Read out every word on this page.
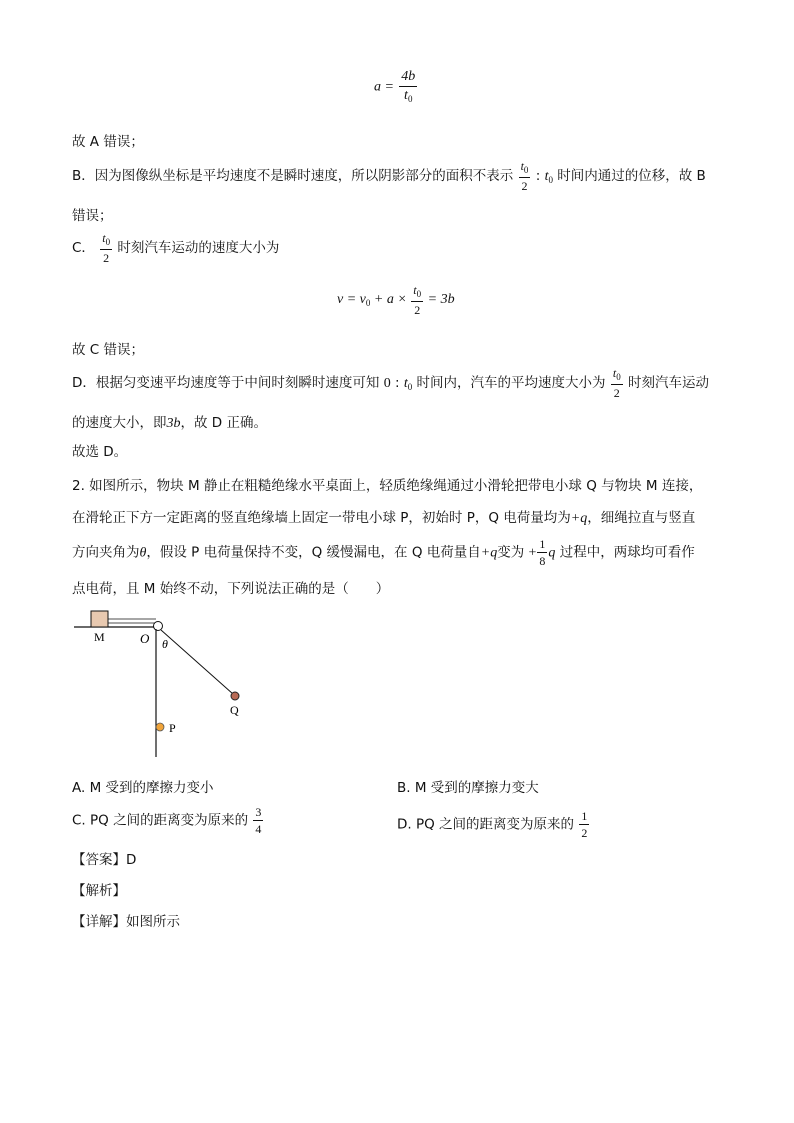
$a = \frac{4b}{t_0}$
故 A 错误；
B．因为图像纵坐标是平均速度不是瞬时速度，所以阴影部分的面积不表示 $\frac{t_0}{2}$ : $t_0$ 时间内通过的位移，故 B
错误；
C． $\frac{t_0}{2}$ 时刻汽车运动的速度大小为
$v = v_0 + a \times \frac{t_0}{2} = 3b$
故 C 错误；
D．根据匀变速平均速度等于中间时刻瞬时速度可知 0 : $t_0$ 时间内，汽车的平均速度大小为 $\frac{t_0}{2}$ 时刻汽车运动
的速度大小，即3b，故 D 正确。
故选 D。
2. 如图所示，物块 M 静止在粗糙绝缘水平桌面上，轻质绝缘绳通过小滑轮把带电小球 Q 与物块 M 连接，
在滑轮正下方一定距离的竖直绝缘墙上固定一带电小球 P，初始时 P，Q 电荷量均为+q，细绳拉直与竖直
方向夹角为θ，假设 P 电荷量保持不变，Q 缓慢漏电，在 Q 电荷量自+q变为 + $\frac{1}{8}$ q 过程中，两球均可看作
点电荷，且 M 始终不动，下列说法正确的是（　　）
M	O θ
Q
P
A. M 受到的摩擦力变小	B. M 受到的摩擦力变大
C. PQ 之间的距离变为原来的 $\frac{3}{4}$	D. PQ 之间的距离变为原来的 $\frac{1}{2}$
【答案】D
【解析】
【详解】如图所示
